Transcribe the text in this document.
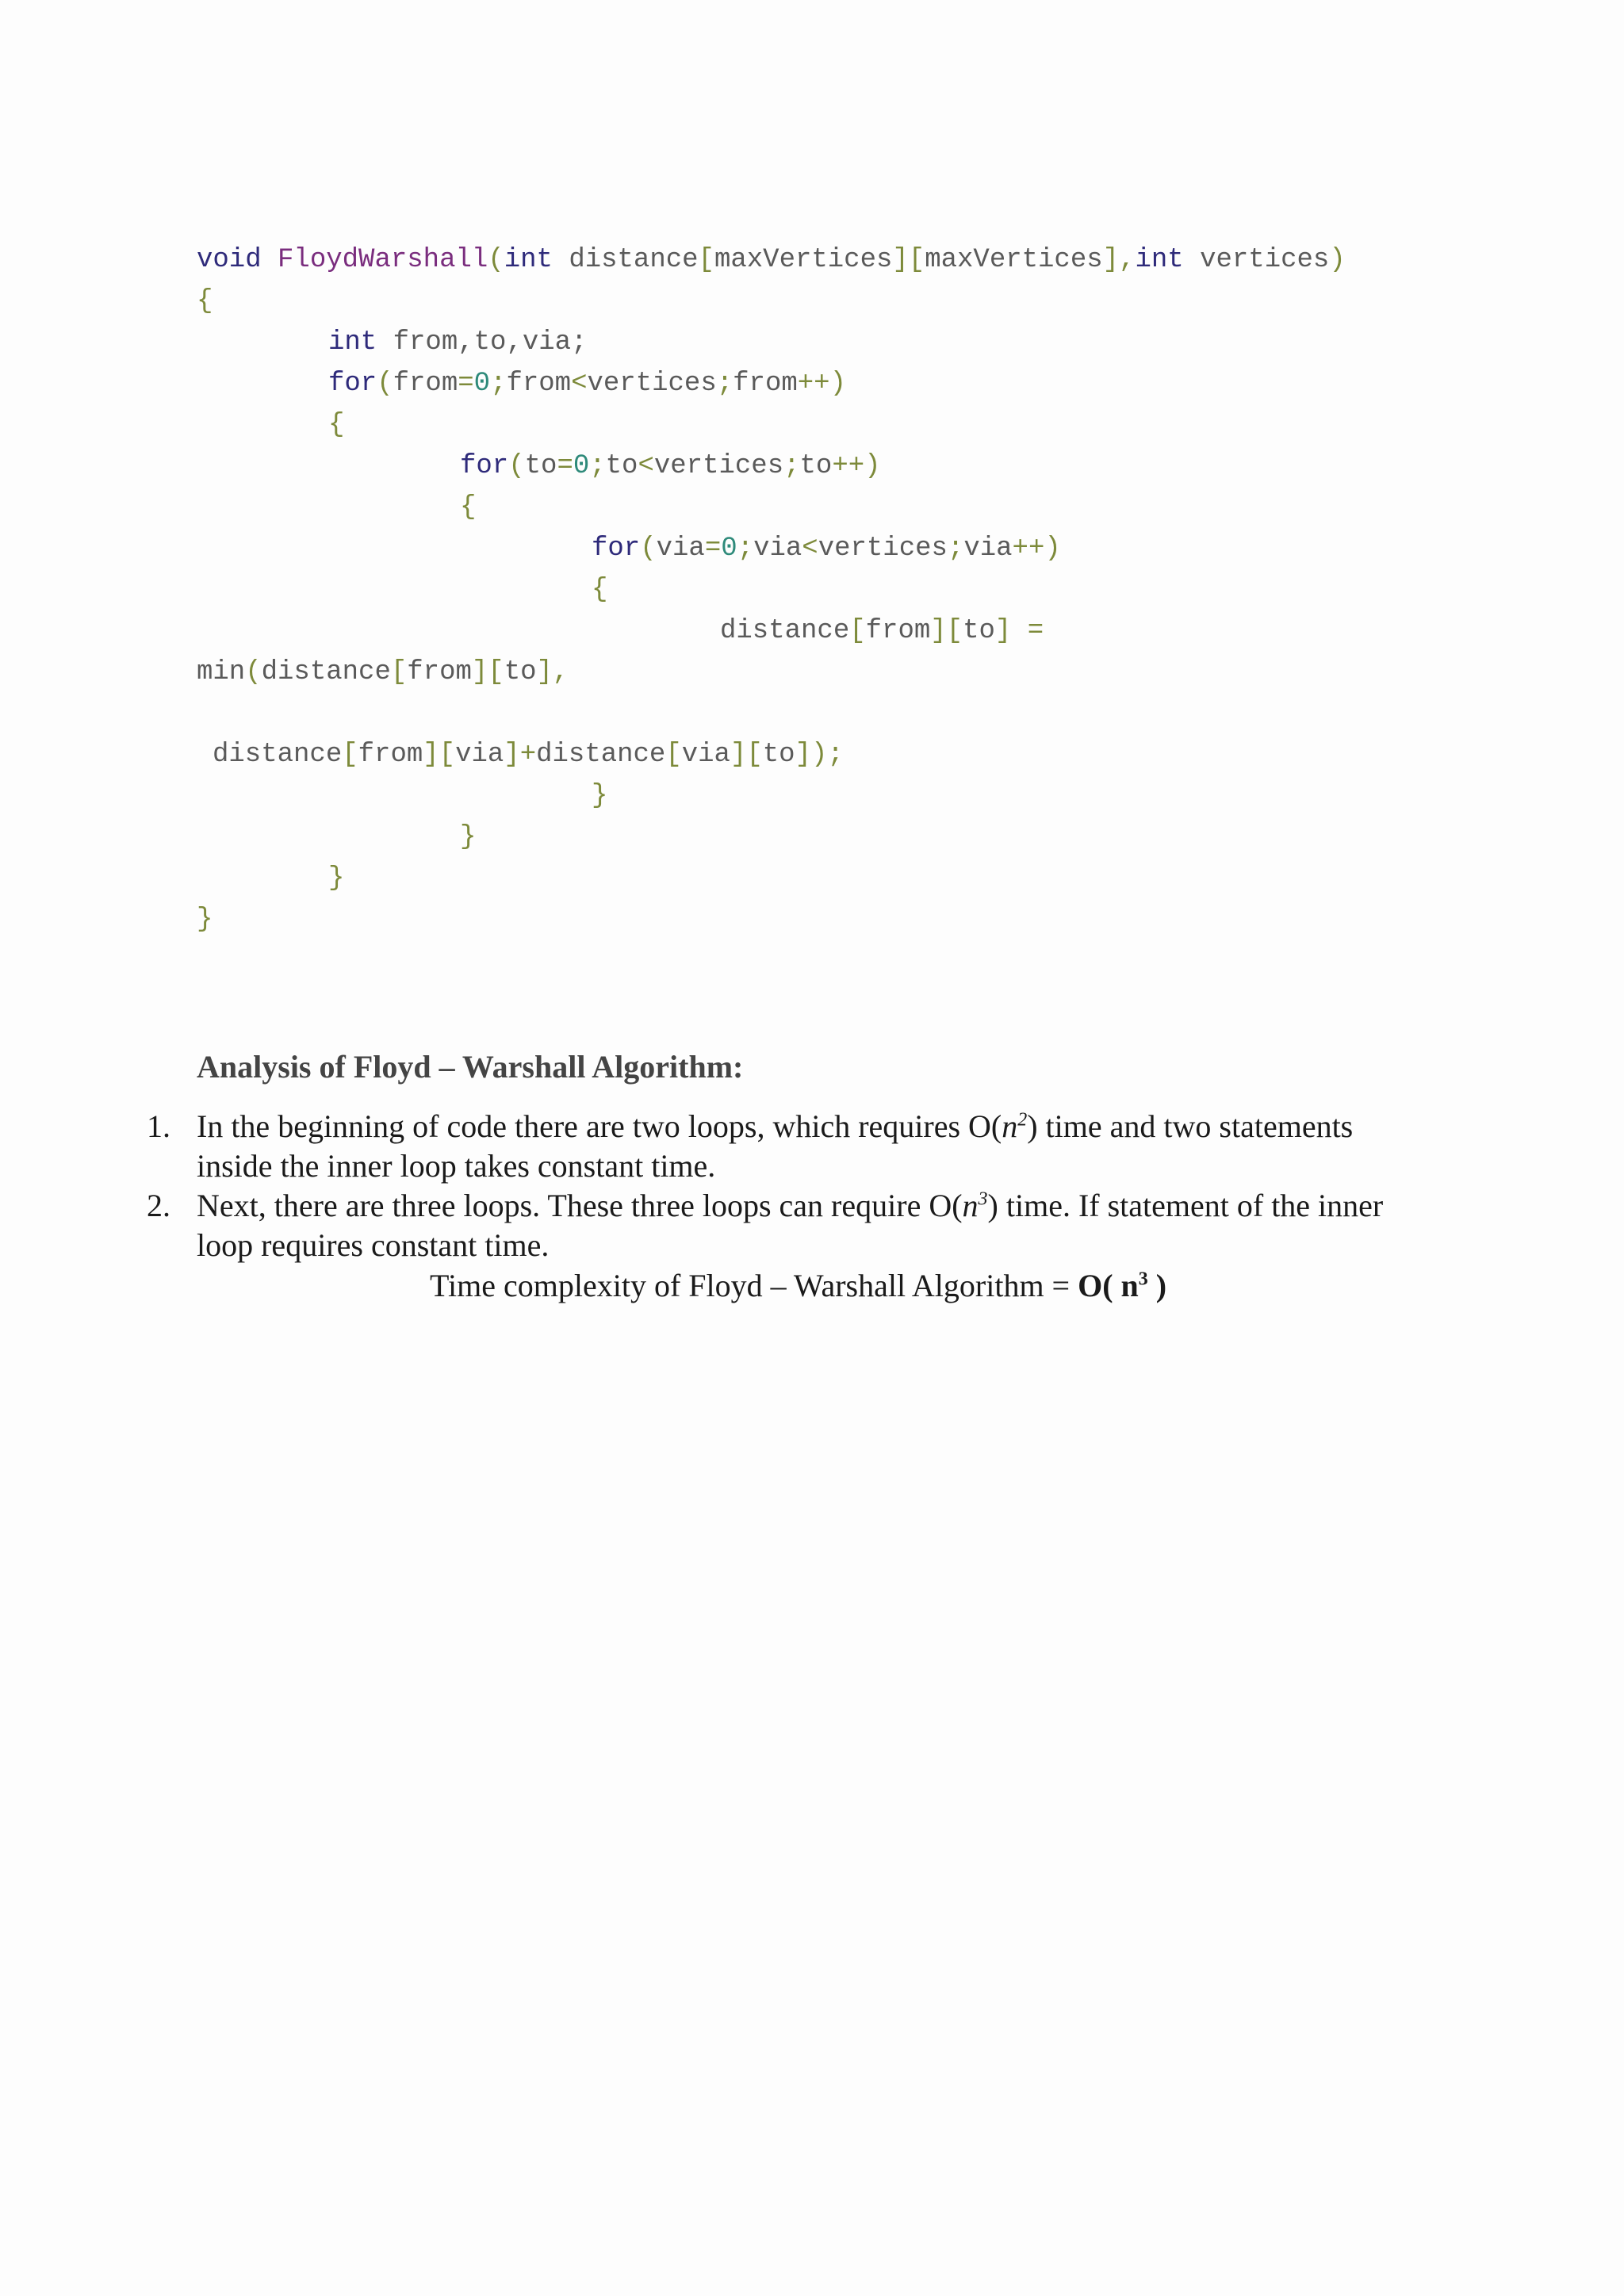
void FloydWarshall(int distance[maxVertices][maxVertices],int vertices)
{
int from,to,via;
for(from=0;from<vertices;from++)
{
for(to=0;to<vertices;to++)
{
for(via=0;via<vertices;via++)
{
distance[from][to] =
min(distance[from][to],
distance[from][via]+distance[via][to]);
}
}
}
}
Analysis of Floyd – Warshall Algorithm:
1. In the beginning of code there are two loops, which requires $O(n^2)$ time and two statements
inside the inner loop takes constant time.
2. Next, there are three loops. These three loops can require $O(n^3)$ time. If statement of the inner
loop requires constant time.
Time complexity of Floyd – Warshall Algorithm = O( $n^3$ )
